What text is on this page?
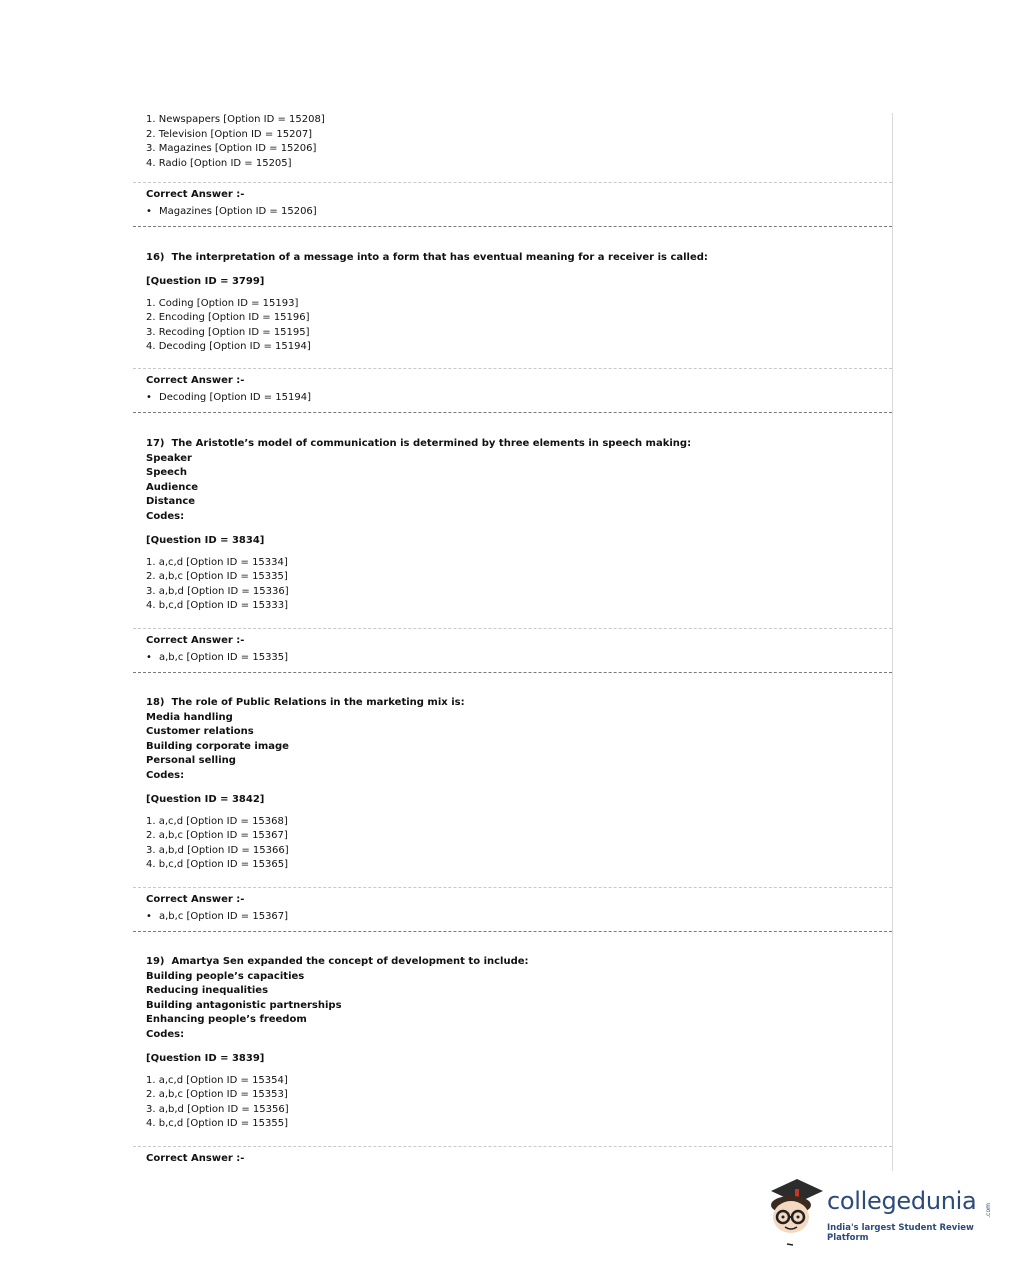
1. Newspapers [Option ID = 15208]
2. Television [Option ID = 15207]
3. Magazines [Option ID = 15206]
4. Radio [Option ID = 15205]
Correct Answer :-
• Magazines [Option ID = 15206]
16)  The interpretation of a message into a form that has eventual meaning for a receiver is called:
[Question ID = 3799]
1. Coding [Option ID = 15193]
2. Encoding [Option ID = 15196]
3. Recoding [Option ID = 15195]
4. Decoding [Option ID = 15194]
Correct Answer :-
• Decoding [Option ID = 15194]
17)  The Aristotle’s model of communication is determined by three elements in speech making:
Speaker
Speech
Audience
Distance
Codes:
[Question ID = 3834]
1. a,c,d [Option ID = 15334]
2. a,b,c [Option ID = 15335]
3. a,b,d [Option ID = 15336]
4. b,c,d [Option ID = 15333]
Correct Answer :-
• a,b,c [Option ID = 15335]
18)  The role of Public Relations in the marketing mix is:
Media handling
Customer relations
Building corporate image
Personal selling
Codes:
[Question ID = 3842]
1. a,c,d [Option ID = 15368]
2. a,b,c [Option ID = 15367]
3. a,b,d [Option ID = 15366]
4. b,c,d [Option ID = 15365]
Correct Answer :-
• a,b,c [Option ID = 15367]
19)  Amartya Sen expanded the concept of development to include:
Building people’s capacities
Reducing inequalities
Building antagonistic partnerships
Enhancing people’s freedom
Codes:
[Question ID = 3839]
1. a,c,d [Option ID = 15354]
2. a,b,c [Option ID = 15353]
3. a,b,d [Option ID = 15356]
4. b,c,d [Option ID = 15355]
Correct Answer :-
collegedunia .com
India's largest Student Review Platform
